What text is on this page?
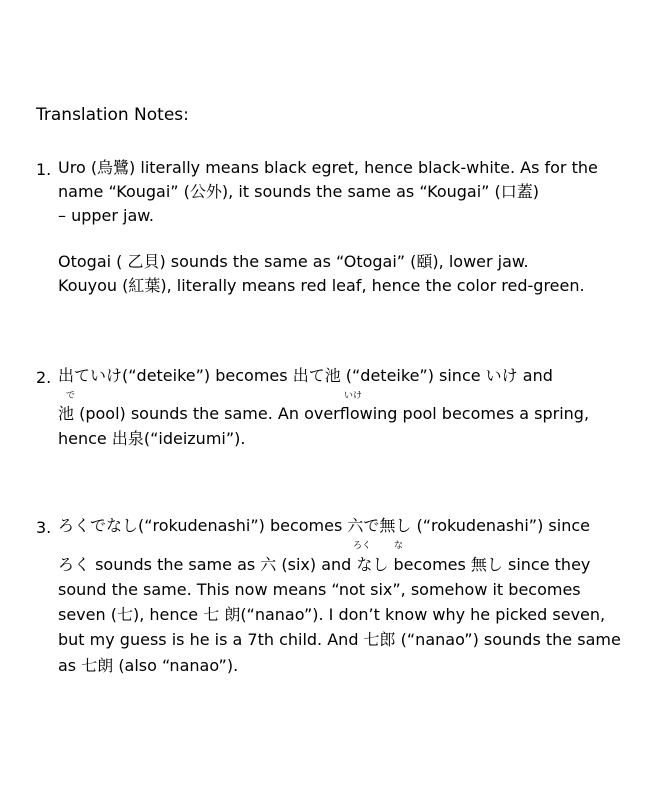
Translation Notes:
1. Uro (烏鷺) literally means black egret, hence black-white. As for the
name “Kougai” (公外), it sounds the same as “Kougai” (口蓋)
– upper jaw.
Otogai ( 乙貝) sounds the same as “Otogai” (頤), lower jaw.
Kouyou (紅葉), literally means red leaf, hence the color red-green.
2. 出ていけ(“deteike”) becomes 出て池 (“deteike”) since いけ and
で	いけ
池 (pool) sounds the same. An overflowing pool becomes a spring,
hence 出泉(“ideizumi”).
3. ろくでなし(“rokudenashi”) becomes 六で無し (“rokudenashi”) since
ろく	な
ろく sounds the same as 六 (six) and なし becomes 無し since they
sound the same. This now means “not six”, somehow it becomes
seven (七), hence 七 朗(“nanao”). I don’t know why he picked seven,
but my guess is he is a 7th child. And 七郎 (“nanao”) sounds the same
as 七朗 (also “nanao”).
